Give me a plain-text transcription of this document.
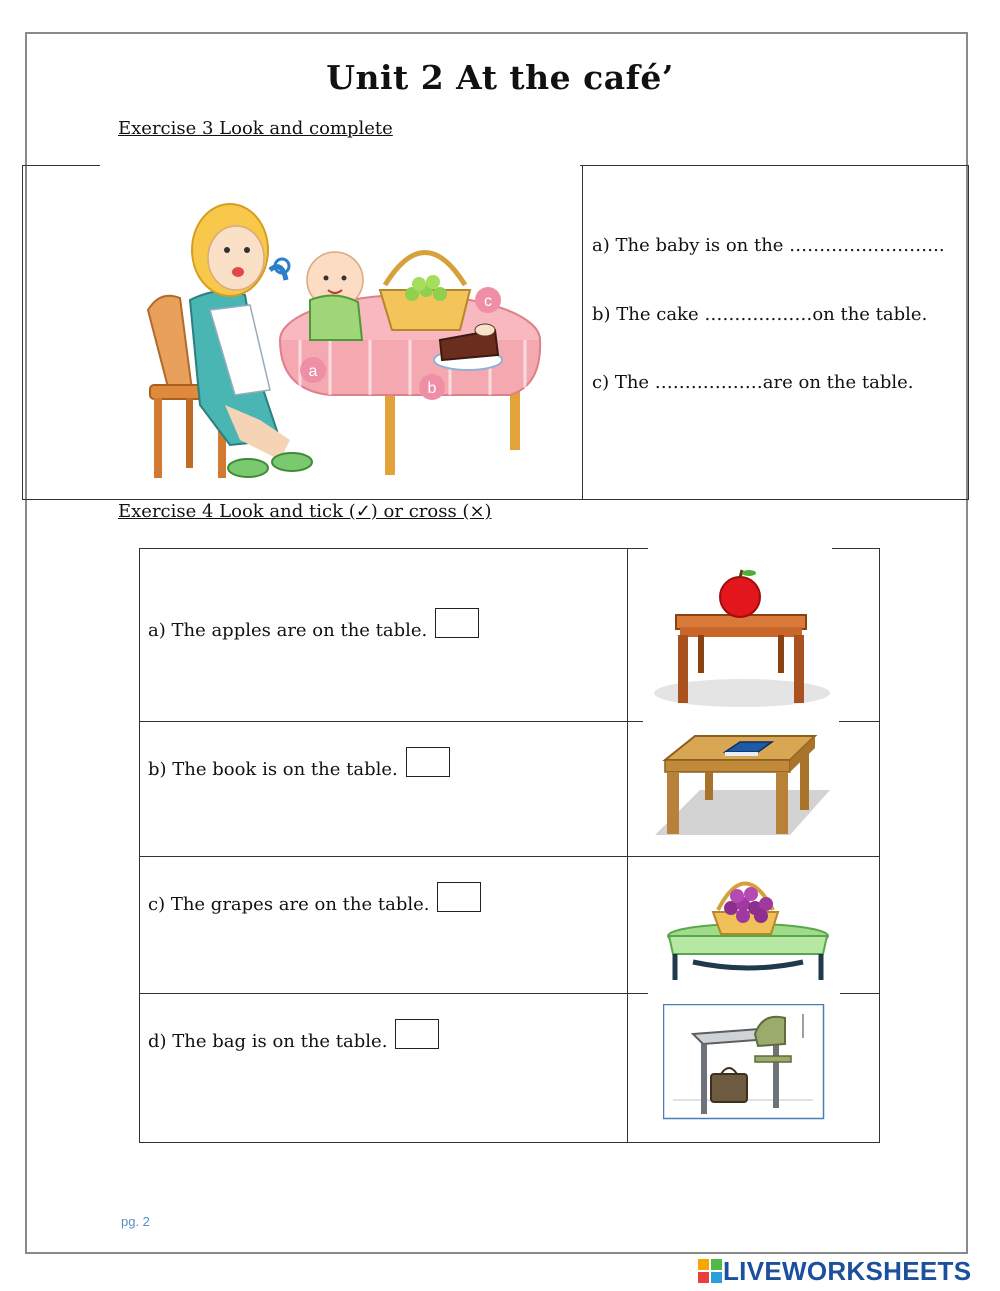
Unit 2 At the café’
Exercise 3 Look and complete
a
b
c
a) The baby is on the ……………………..
b) The cake ………………on the table.
c) The ………………are on the table.
Exercise 4 Look and tick (✓) or cross (×)
a) The apples are on the table.
b) The book is on the table.
c) The grapes are on the table.
d) The bag is on the table.
pg. 2
LIVEWORKSHEETS
